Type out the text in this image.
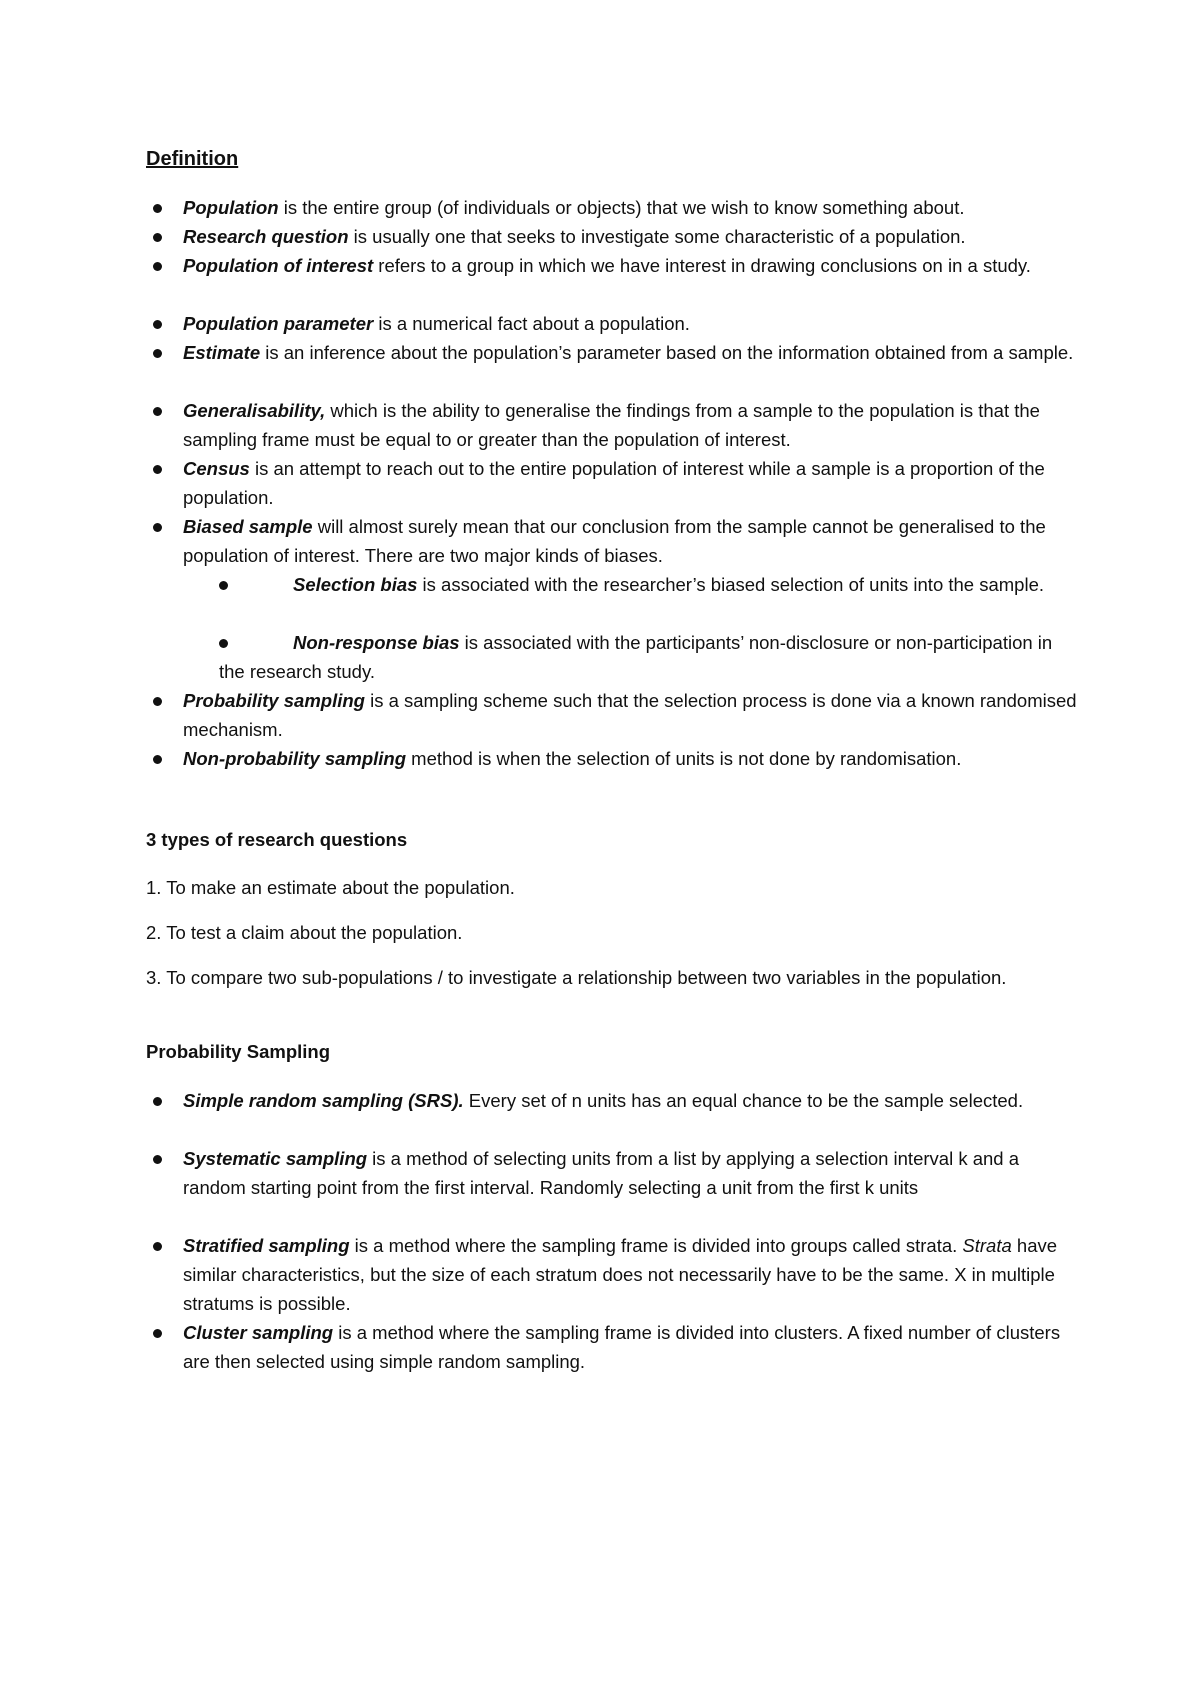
Definition
Population is the entire group (of individuals or objects) that we wish to know something about.
Research question is usually one that seeks to investigate some characteristic of a population.
Population of interest refers to a group in which we have interest in drawing conclusions on in a study.
Population parameter is a numerical fact about a population.
Estimate is an inference about the population’s parameter based on the information obtained from a sample.
Generalisability, which is the ability to generalise the findings from a sample to the population is that the sampling frame must be equal to or greater than the population of interest.
Census is an attempt to reach out to the entire population of interest while a sample is a proportion of the population.
Biased sample will almost surely mean that our conclusion from the sample cannot be generalised to the population of interest. There are two major kinds of biases.
Selection bias is associated with the researcher’s biased selection of units into the sample.
Non-response bias is associated with the participants’ non-disclosure or non-participation in the research study.
Probability sampling is a sampling scheme such that the selection process is done via a known randomised mechanism.
Non-probability sampling method is when the selection of units is not done by randomisation.
3 types of research questions
1. To make an estimate about the population.
2. To test a claim about the population.
3. To compare two sub-populations / to investigate a relationship between two variables in the population.
Probability Sampling
Simple random sampling (SRS). Every set of n units has an equal chance to be the sample selected.
Systematic sampling is a method of selecting units from a list by applying a selection interval k and a random starting point from the first interval. Randomly selecting a unit from the first k units
Stratified sampling is a method where the sampling frame is divided into groups called strata. Strata have similar characteristics, but the size of each stratum does not necessarily have to be the same. X in multiple stratums is possible.
Cluster sampling is a method where the sampling frame is divided into clusters. A fixed number of clusters are then selected using simple random sampling.
